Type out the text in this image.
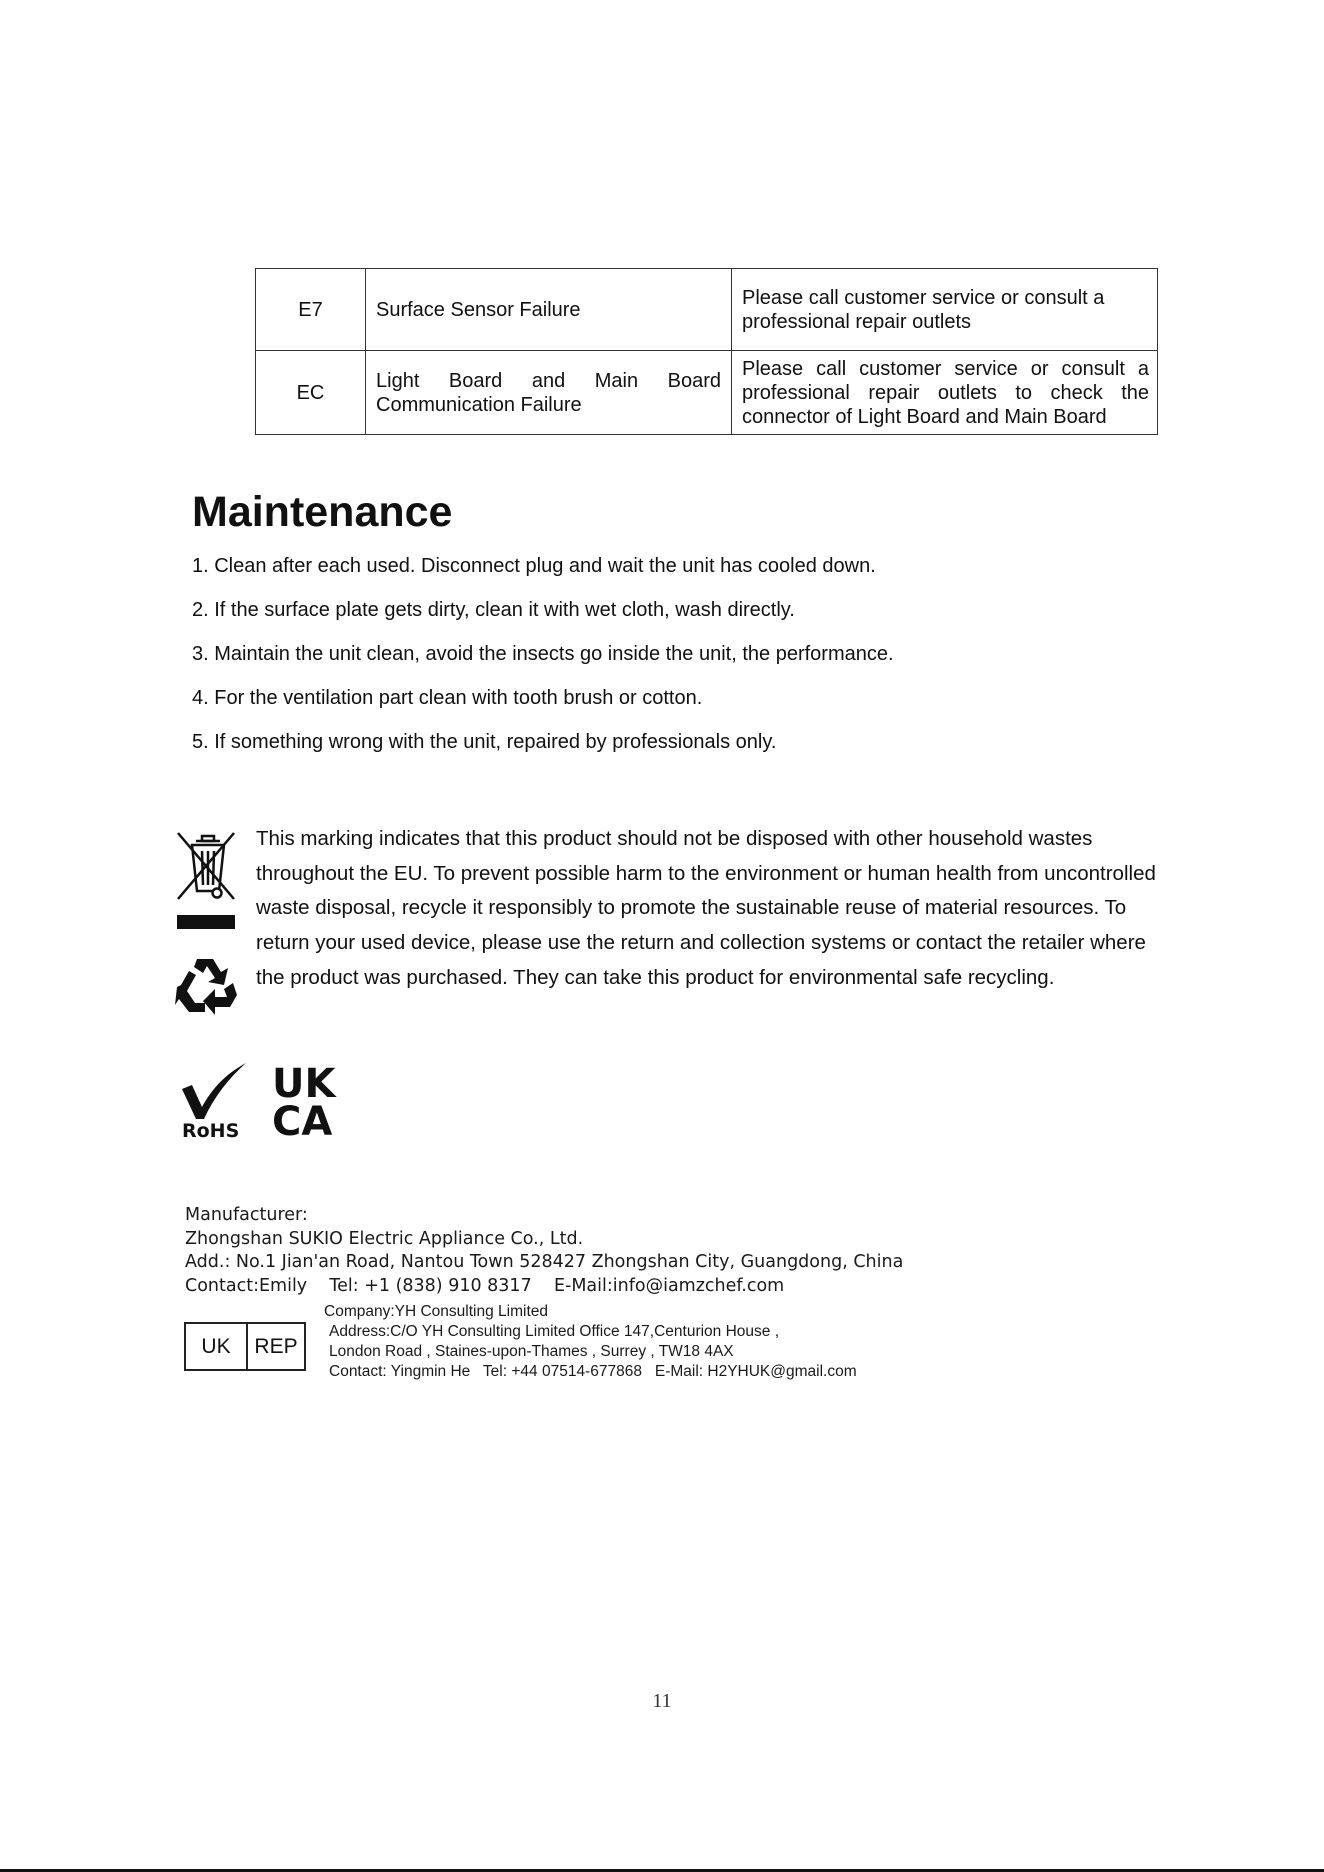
E7	Surface Sensor Failure	Please call customer service or consult a professional repair outlets
EC	Light Board and Main Board Communication Failure	Please call customer service or consult a professional repair outlets to check the connector of Light Board and Main Board
Maintenance
1. Clean after each used. Disconnect plug and wait the unit has cooled down.
2. If the surface plate gets dirty, clean it with wet cloth, wash directly.
3. Maintain the unit clean, avoid the insects go inside the unit, the performance.
4. For the ventilation part clean with tooth brush or cotton.
5. If something wrong with the unit, repaired by professionals only.
This marking indicates that this product should not be disposed with other household wastes throughout the EU. To prevent possible harm to the environment or human health from uncontrolled waste disposal, recycle it responsibly to promote the sustainable reuse of material resources. To return your used device, please use the return and collection systems or contact the retailer where the product was purchased. They can take this product for environmental safe recycling.
RoHS
UK
CA
Manufacturer:
Zhongshan SUKIO Electric Appliance Co., Ltd.
Add.: No.1 Jian'an Road, Nantou Town 528427 Zhongshan City, Guangdong, China
Contact:Emily    Tel: +1 (838) 910 8317    E-Mail:info@iamzchef.com
UK	REP
Company:YH Consulting Limited
Address:C/O YH Consulting Limited Office 147,Centurion House ,
London Road , Staines-upon-Thames , Surrey , TW18 4AX
Contact: Yingmin He   Tel: +44 07514-677868   E-Mail: H2YHUK@gmail.com
11
